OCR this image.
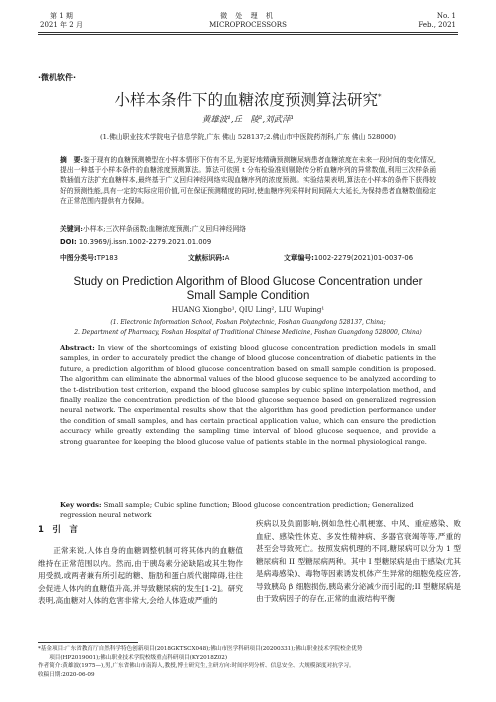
第 1 期
2021 年 2 月
微 处 理 机
MICROPROCESSORS
No. 1
Feb., 2021
·微机软件·
小样本条件下的血糖浓度预测算法研究*
黄雄波¹,丘　陵²,刘武萍¹
(1.佛山职业技术学院电子信息学院,广东 佛山 528137;2.佛山市中医院药剂科,广东 佛山 528000)
摘　要:鉴于现有的血糖预测模型在小样本情形下仿有不足,为更好地精确预测糖尿病患者血糖浓度在未来一段时间的变化情况,提出一种基于小样本条件的血糖浓度预测算法。算法可依照 t 分布检验准则剔除传分析血糖序列的异常数值,利用三次样条函数插值方法扩充血糖样本,最终基于广义回归神经网络实现血糖序列的浓度预测。实验结果表明,算法在小样本的条件下获得较好的预测性能,具有一定的实际应用价值,可在保证预测精度的同时,使血糖序列采样时间间隔大大延长,为保持患者血糖数值稳定在正常范围内提供有力保障。
关键词:小样本;三次样条函数;血糖浓度预测;广义回归神经网络
DOI: 10.3969/j.issn.1002-2279.2021.01.009
中图分类号:TP183	文献标识码:A	文章编号:1002-2279(2021)01-0037-06
Study on Prediction Algorithm of Blood Glucose Concentration under
Small Sample Condition
HUANG Xiongbo¹, QIU Ling², LIU Wuping¹
(1. Electronic Information School, Foshan Polytechnic, Foshan Guangdong 528137, China;
2. Department of Pharmacy, Foshan Hospital of Traditional Chinese Medicine, Foshan Guangdong 528000, China)
Abstract: In view of the shortcomings of existing blood glucose concentration prediction models in small samples, in order to accurately predict the change of blood glucose concentration of diabetic patients in the future, a prediction algorithm of blood glucose concentration based on small sample condition is proposed. The algorithm can eliminate the abnormal values of the blood glucose sequence to be analyzed according to the t-distribution test criterion, expand the blood glucose samples by cubic spline interpolation method, and finally realize the concentration prediction of the blood glucose sequence based on generalized regression neural network. The experimental results show that the algorithm has good prediction performance under the condition of small samples, and has certain practical application value, which can ensure the prediction accuracy while greatly extending the sampling time interval of blood glucose sequence, and provide a strong guarantee for keeping the blood glucose value of patients stable in the normal physiological range.
Key words: Small sample; Cubic spline function; Blood glucose concentration prediction; Generalized regression neural network
1　引　言
正常来说,人体自身的血糖调整机制可将其体内的血糖值维持在正常范围以内。然而,由于胰岛素分泌缺陷或其生物作用受损,或两者兼有所引起的糖、脂肪和蛋白质代谢障碍,往往会促进人体内的血糖值升高,并导致糖尿病的发生[1-2]。研究表明,高血糖对人体的危害非常大,会给人体造成严重的
疾病以及负面影响,例如急性心肌梗塞、中风、重症感染、败血症、感染性休克、多发性精神病、多器官衰竭等等,严重的甚至会导致死亡。按照发病机理的不同,糖尿病可以分为 1 型糖尿病和 II 型糖尿病两种。其中 I 型糖尿病是由于感染(尤其是病毒感染)、毒物等因素诱发机体产生异常的细胞免疫应答,导致胰岛 β 细胞损伤,胰岛素分泌减少而引起的;II 型糖尿病是由于致病因子的存在,正常的血液结构平衡
*基金项目:广东省教育厅自然科学特色创新项目(2018GKTSCX048);佛山市医学科研项目(20200331);佛山职业技术学院校企优势
　　项目(HP2019001);佛山职业技术学院校级重点科研项目(KY2018Z02)
作者简介:黄雄波(1975—),男,广东省佛山市南海人,教授,博士研究生,主研方向:时间序列分析、信息安全、大规模深度对抗学习。
收稿日期:2020-06-09
